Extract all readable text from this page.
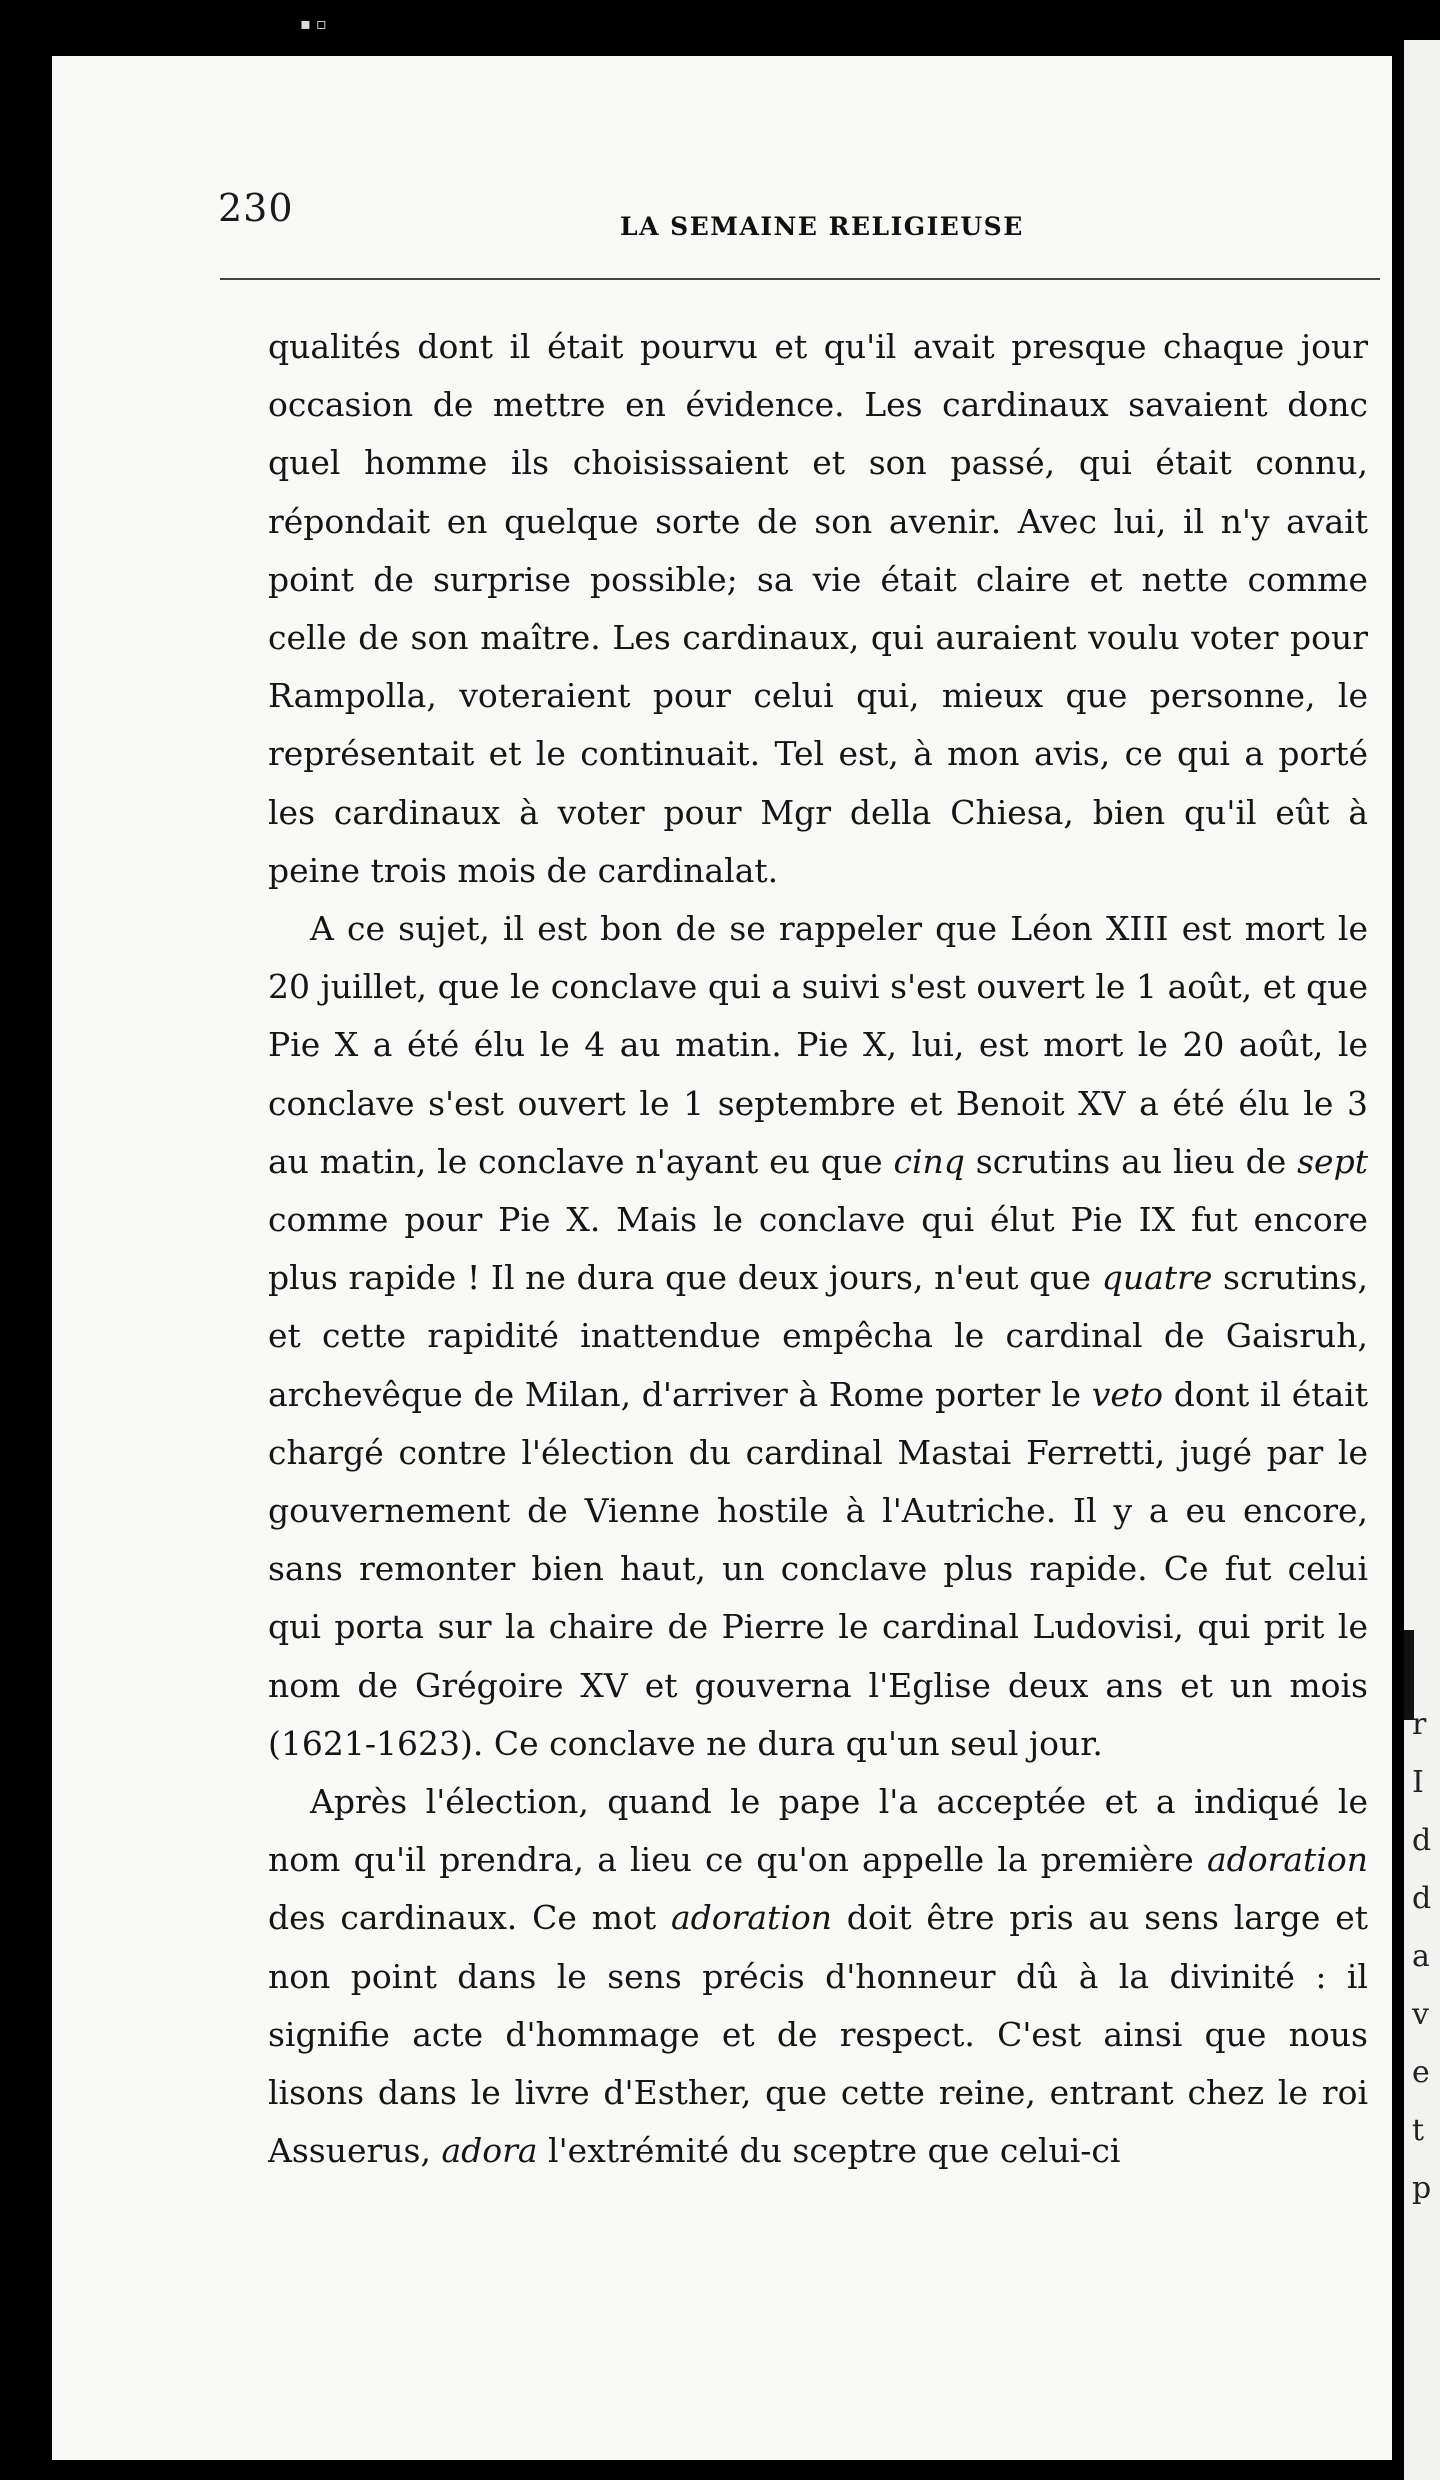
▪ ▫
r
I
d
d
a
v
e
t
p
230	LA SEMAINE RELIGIEUSE

qualités dont il était pourvu et qu'il avait presque chaque jour occasion de mettre en évidence. Les cardinaux savaient donc quel homme ils choisissaient et son passé, qui était connu, répondait en quelque sorte de son avenir. Avec lui, il n'y avait point de surprise possible; sa vie était claire et nette comme celle de son maître. Les cardinaux, qui auraient voulu voter pour Rampolla, voteraient pour celui qui, mieux que personne, le représentait et le continuait. Tel est, à mon avis, ce qui a porté les cardinaux à voter pour Mgr della Chiesa, bien qu'il eût à peine trois mois de cardinalat.

A ce sujet, il est bon de se rappeler que Léon XIII est mort le 20 juillet, que le conclave qui a suivi s'est ouvert le 1 août, et que Pie X a été élu le 4 au matin. Pie X, lui, est mort le 20 août, le conclave s'est ouvert le 1 septembre et Benoit XV a été élu le 3 au matin, le conclave n'ayant eu que cinq scrutins au lieu de sept comme pour Pie X. Mais le conclave qui élut Pie IX fut encore plus rapide ! Il ne dura que deux jours, n'eut que quatre scrutins, et cette rapidité inattendue empêcha le cardinal de Gaisruh, archevêque de Milan, d'arriver à Rome porter le veto dont il était chargé contre l'élection du cardinal Mastai Ferretti, jugé par le gouvernement de Vienne hostile à l'Autriche. Il y a eu encore, sans remonter bien haut, un conclave plus rapide. Ce fut celui qui porta sur la chaire de Pierre le cardinal Ludovisi, qui prit le nom de Grégoire XV et gouverna l'Eglise deux ans et un mois (1621-1623). Ce conclave ne dura qu'un seul jour.

Après l'élection, quand le pape l'a acceptée et a indiqué le nom qu'il prendra, a lieu ce qu'on appelle la première adoration des cardinaux. Ce mot adoration doit être pris au sens large et non point dans le sens précis d'honneur dû à la divinité : il signifie acte d'hommage et de respect. C'est ainsi que nous lisons dans le livre d'Esther, que cette reine, entrant chez le roi Assuerus, adora l'extrémité du sceptre que celui-ci
